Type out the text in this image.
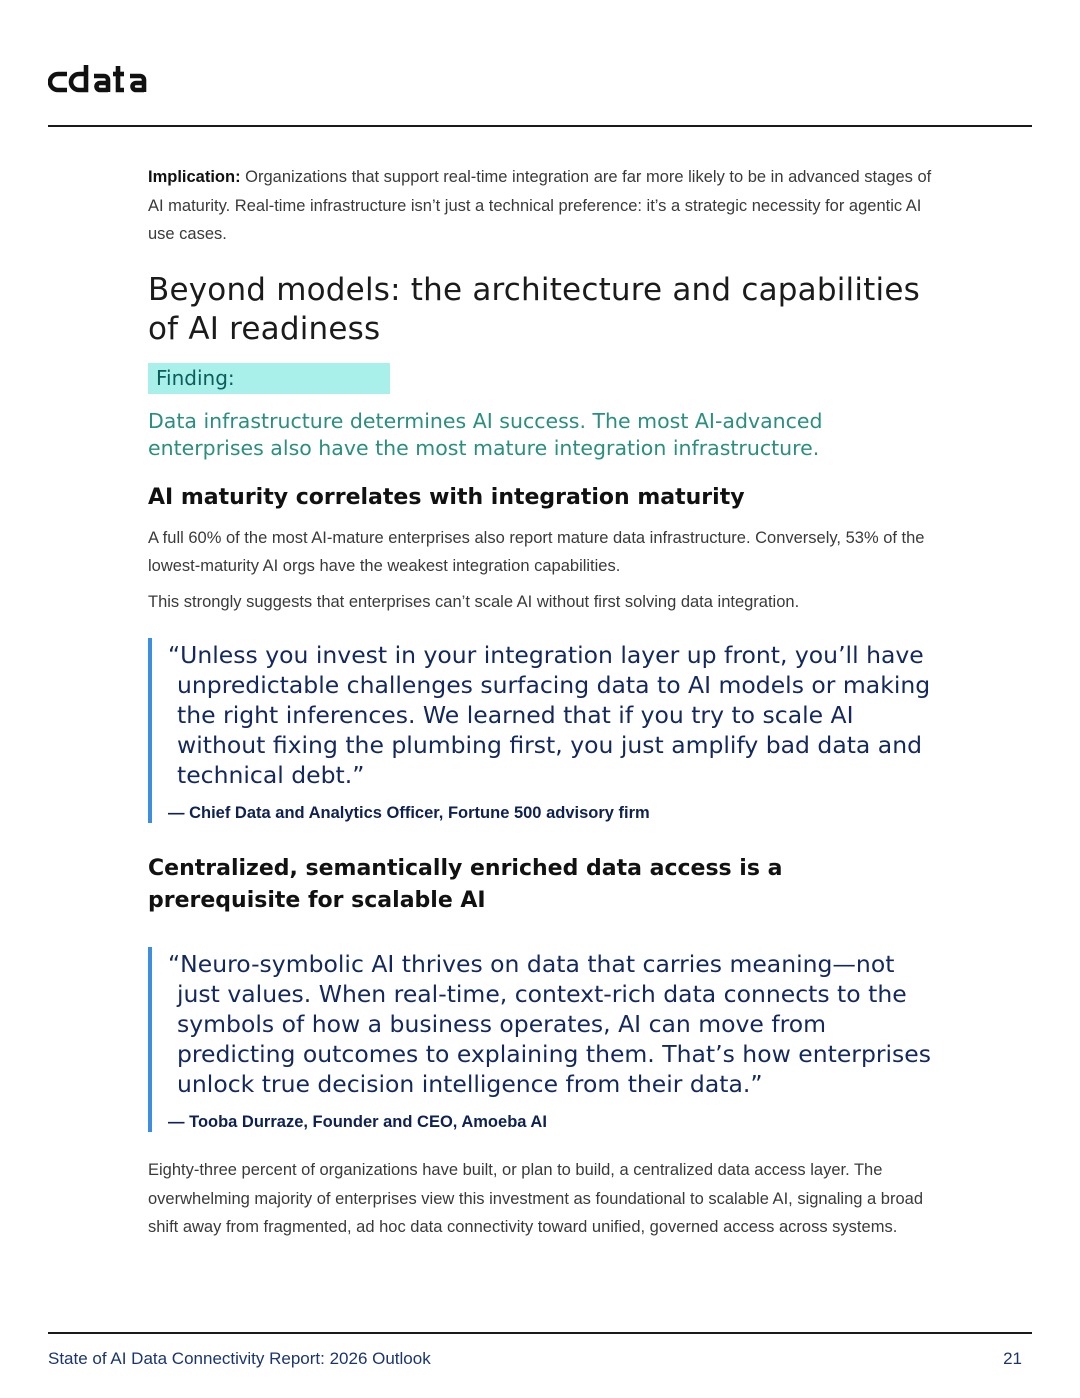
cdata

Implication: Organizations that support real-time integration are far more likely to be in advanced stages of AI maturity. Real-time infrastructure isn’t just a technical preference: it’s a strategic necessity for agentic AI use cases.

Beyond models: the architecture and capabilities of AI readiness
Finding:

Data infrastructure determines AI success. The most AI-advanced enterprises also have the most mature integration infrastructure.

AI maturity correlates with integration maturity

A full 60% of the most AI-mature enterprises also report mature data infrastructure. Conversely, 53% of the lowest-maturity AI orgs have the weakest integration capabilities.

This strongly suggests that enterprises can’t scale AI without first solving data integration.

“Unless you invest in your integration layer up front, you’ll have unpredictable challenges surfacing data to AI models or making the right inferences. We learned that if you try to scale AI without fixing the plumbing first, you just amplify bad data and technical debt.”

— Chief Data and Analytics Officer, Fortune 500 advisory firm
Centralized, semantically enriched data access is a prerequisite for scalable AI

“Neuro-symbolic AI thrives on data that carries meaning—not just values. When real-time, context-rich data connects to the symbols of how a business operates, AI can move from predicting outcomes to explaining them. That’s how enterprises unlock true decision intelligence from their data.”

— Tooba Durraze, Founder and CEO, Amoeba AI

Eighty-three percent of organizations have built, or plan to build, a centralized data access layer. The overwhelming majority of enterprises view this investment as foundational to scalable AI, signaling a broad shift away from fragmented, ad hoc data connectivity toward unified, governed access across systems.

State of AI Data Connectivity Report: 2026 Outlook	21
